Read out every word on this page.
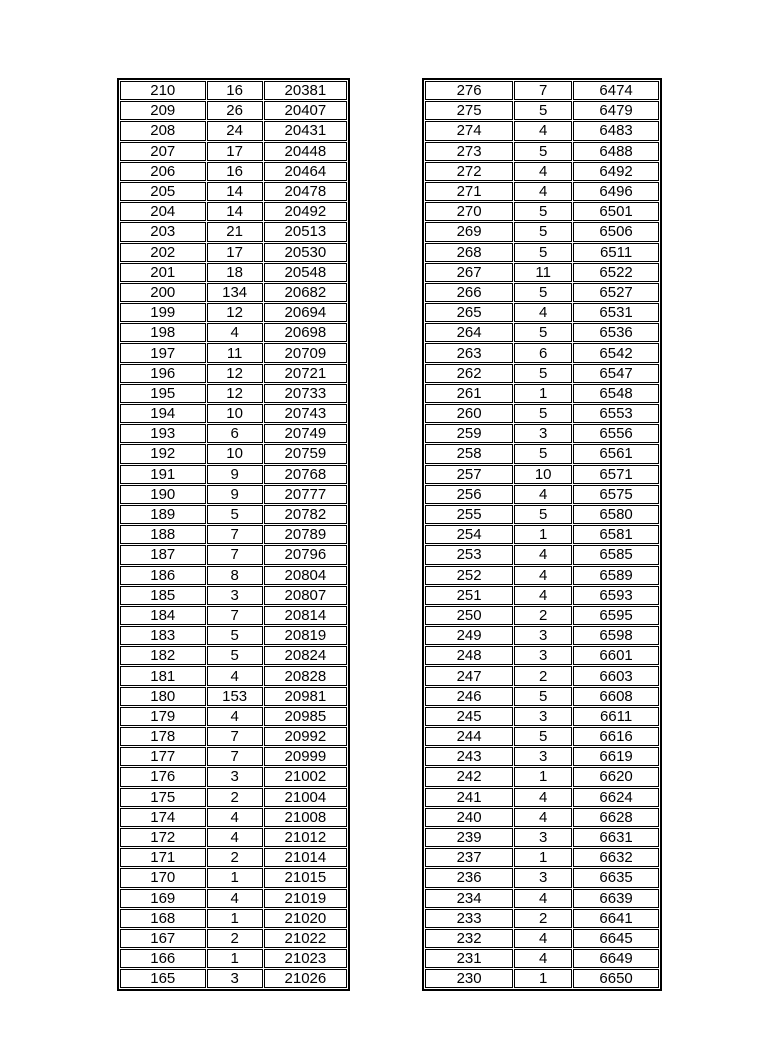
210	16	20381
209	26	20407
208	24	20431
207	17	20448
206	16	20464
205	14	20478
204	14	20492
203	21	20513
202	17	20530
201	18	20548
200	134	20682
199	12	20694
198	4	20698
197	11	20709
196	12	20721
195	12	20733
194	10	20743
193	6	20749
192	10	20759
191	9	20768
190	9	20777
189	5	20782
188	7	20789
187	7	20796
186	8	20804
185	3	20807
184	7	20814
183	5	20819
182	5	20824
181	4	20828
180	153	20981
179	4	20985
178	7	20992
177	7	20999
176	3	21002
175	2	21004
174	4	21008
172	4	21012
171	2	21014
170	1	21015
169	4	21019
168	1	21020
167	2	21022
166	1	21023
165	3	21026
276	7	6474
275	5	6479
274	4	6483
273	5	6488
272	4	6492
271	4	6496
270	5	6501
269	5	6506
268	5	6511
267	11	6522
266	5	6527
265	4	6531
264	5	6536
263	6	6542
262	5	6547
261	1	6548
260	5	6553
259	3	6556
258	5	6561
257	10	6571
256	4	6575
255	5	6580
254	1	6581
253	4	6585
252	4	6589
251	4	6593
250	2	6595
249	3	6598
248	3	6601
247	2	6603
246	5	6608
245	3	6611
244	5	6616
243	3	6619
242	1	6620
241	4	6624
240	4	6628
239	3	6631
237	1	6632
236	3	6635
234	4	6639
233	2	6641
232	4	6645
231	4	6649
230	1	6650
